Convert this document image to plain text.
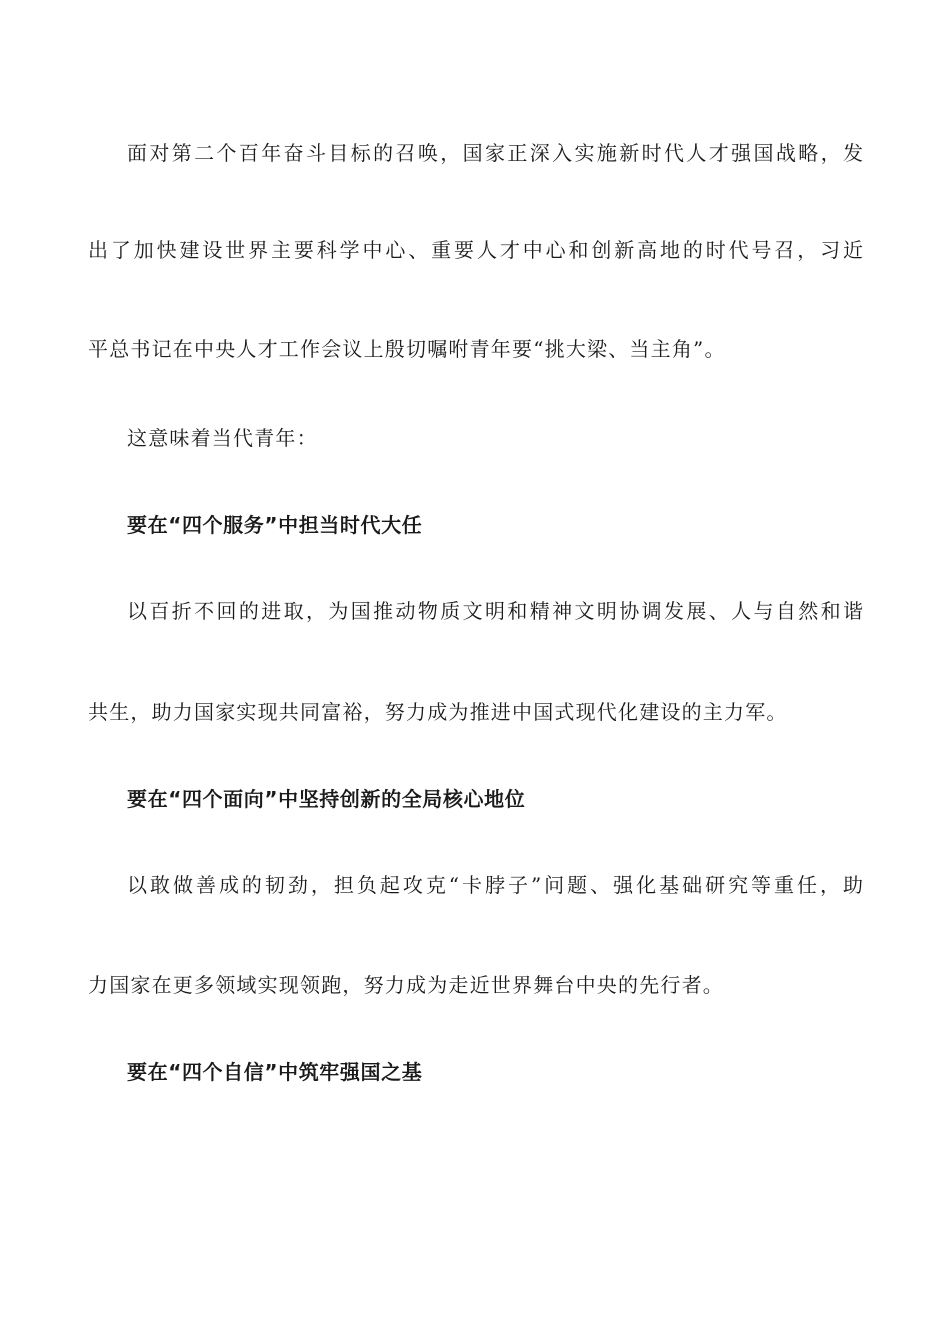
面对第二个百年奋斗目标的召唤，国家正深入实施新时代人才强国战略，发
出了加快建设世界主要科学中心、重要人才中心和创新高地的时代号召，习近
平总书记在中央人才工作会议上殷切嘱咐青年要“挑大梁、当主角”。
这意味着当代青年：
要在“四个服务”中担当时代大任
以百折不回的进取，为国推动物质文明和精神文明协调发展、人与自然和谐
共生，助力国家实现共同富裕，努力成为推进中国式现代化建设的主力军。
要在“四个面向”中坚持创新的全局核心地位
以敢做善成的韧劲，担负起攻克“卡脖子”问题、强化基础研究等重任，助
力国家在更多领域实现领跑，努力成为走近世界舞台中央的先行者。
要在“四个自信”中筑牢强国之基
